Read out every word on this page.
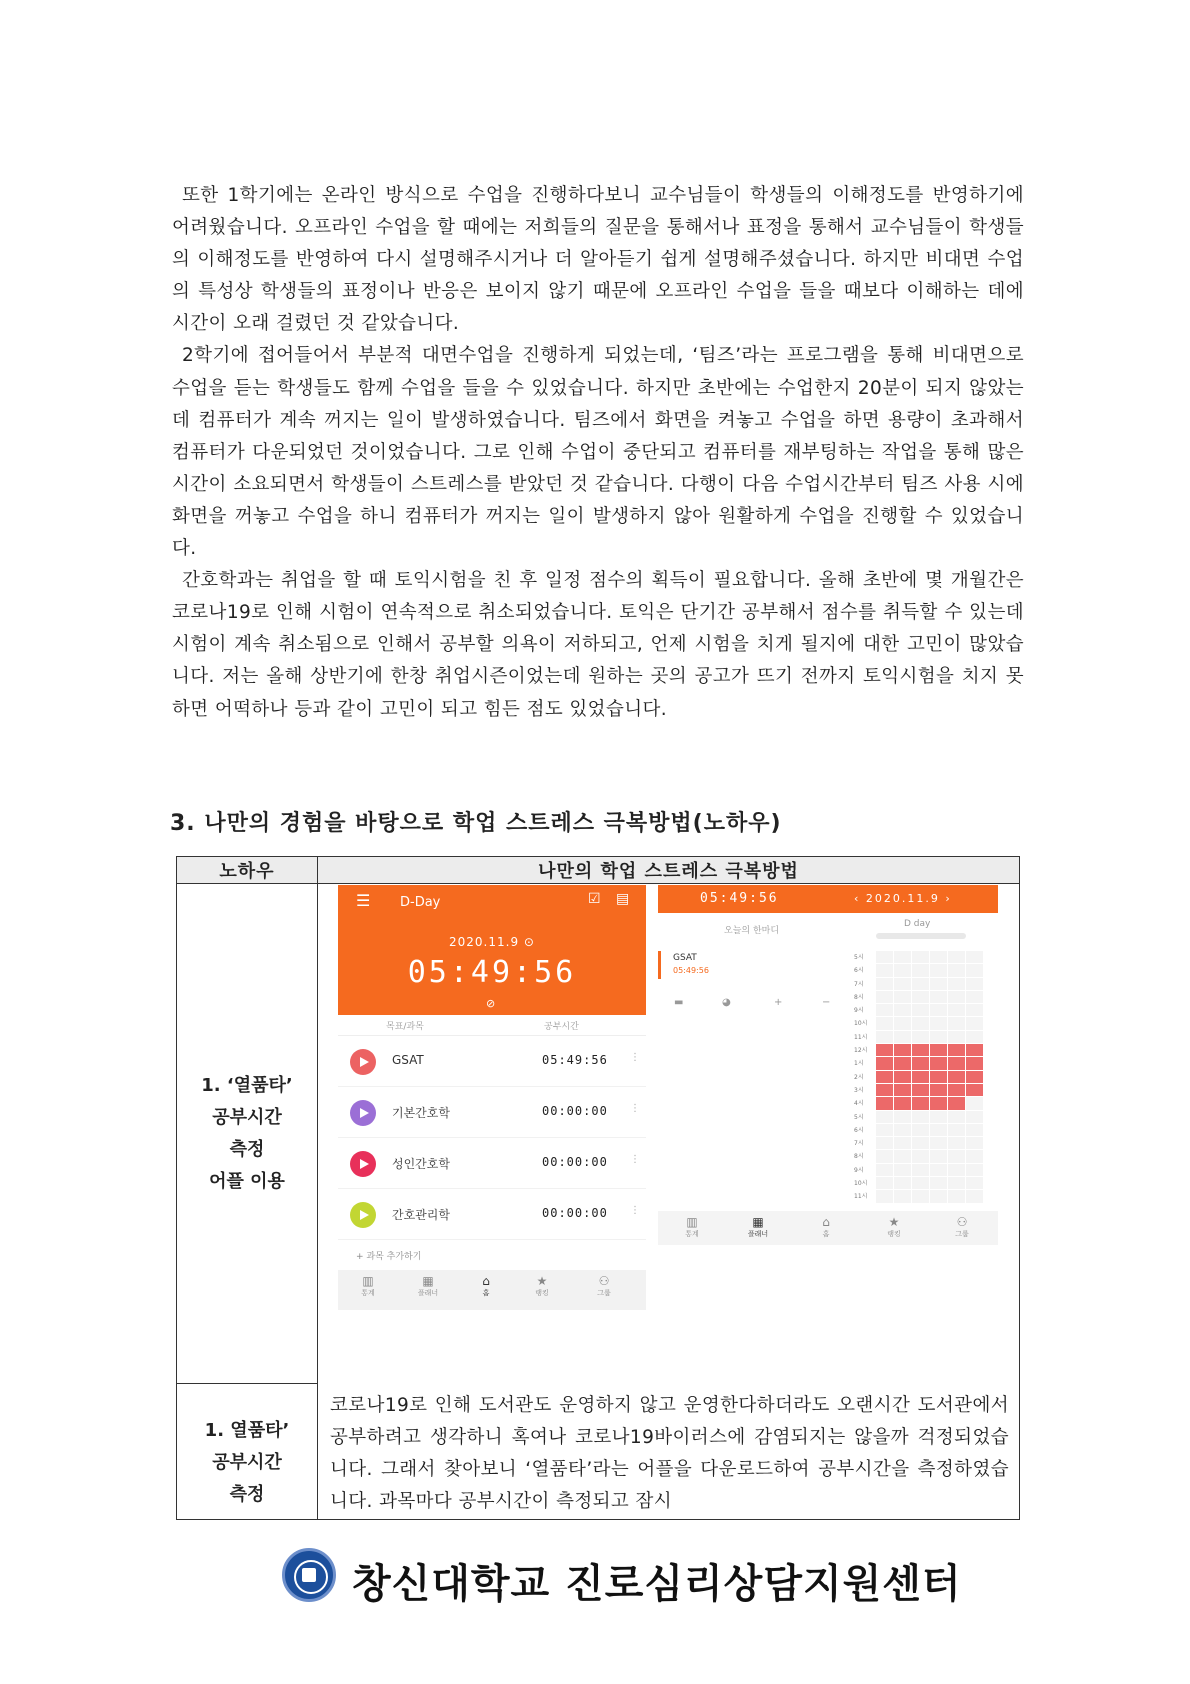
또한 1학기에는 온라인 방식으로 수업을 진행하다보니 교수님들이 학생들의 이해정도를 반영하기에 어려웠습니다. 오프라인 수업을 할 때에는 저희들의 질문을 통해서나 표정을 통해서 교수님들이 학생들의 이해정도를 반영하여 다시 설명해주시거나 더 알아듣기 쉽게 설명해주셨습니다. 하지만 비대면 수업의 특성상 학생들의 표정이나 반응은 보이지 않기 때문에 오프라인 수업을 들을 때보다 이해하는 데에 시간이 오래 걸렸던 것 같았습니다.

2학기에 접어들어서 부분적 대면수업을 진행하게 되었는데, ‘팀즈’라는 프로그램을 통해 비대면으로 수업을 듣는 학생들도 함께 수업을 들을 수 있었습니다. 하지만 초반에는 수업한지 20분이 되지 않았는데 컴퓨터가 계속 꺼지는 일이 발생하였습니다. 팀즈에서 화면을 켜놓고 수업을 하면 용량이 초과해서 컴퓨터가 다운되었던 것이었습니다. 그로 인해 수업이 중단되고 컴퓨터를 재부팅하는 작업을 통해 많은 시간이 소요되면서 학생들이 스트레스를 받았던 것 같습니다. 다행이 다음 수업시간부터 팀즈 사용 시에 화면을 꺼놓고 수업을 하니 컴퓨터가 꺼지는 일이 발생하지 않아 원활하게 수업을 진행할 수 있었습니다.

간호학과는 취업을 할 때 토익시험을 친 후 일정 점수의 획득이 필요합니다. 올해 초반에 몇 개월간은 코로나19로 인해 시험이 연속적으로 취소되었습니다. 토익은 단기간 공부해서 점수를 취득할 수 있는데 시험이 계속 취소됨으로 인해서 공부할 의욕이 저하되고, 언제 시험을 치게 될지에 대한 고민이 많았습니다. 저는 올해 상반기에 한창 취업시즌이었는데 원하는 곳의 공고가 뜨기 전까지 토익시험을 치지 못하면 어떡하나 등과 같이 고민이 되고 힘든 점도 있었습니다.

3. 나만의 경험을 바탕으로 학업 스트레스 극복방법(노하우)
노하우	나만의 학업 스트레스 극복방법

1. ‘열품타’
공부시간
측정
어플 이용	

1. 열품타’
공부시간
측정	코로나19로 인해 도서관도 운영하지 않고 운영한다하더라도 오랜시간 도서관에서 공부하려고 생각하니 혹여나 코로나19바이러스에 감염되지는 않을까 걱정되었습니다. 그래서 찾아보니 ‘열품타’라는 어플을 다운로드하여 공부시간을 측정하였습니다. 과목마다 공부시간이 측정되고 잠시
☰ D-Day	☑ ▤
2020.11.9 ⊙
05:49:56
⊘
목표/과목	공부시간
GSAT	05:49:56 ⋮
기본간호학	00:00:00 ⋮
성인간호학	00:00:00 ⋮
간호관리학	00:00:00 ⋮
+ 과목 추가하기
▥
통계
▦
플래너
⌂
홈
★
랭킹
⚇
그룹
05:49:56	‹ 2020.11.9 ›
오늘의 한마디
D day
GSAT
05:49:56
▬	◕	+	−
5시
6시
7시
8시
9시
10시
11시
12시
1시
2시
3시
4시
5시
6시
7시
8시
9시
10시
11시
▥
통계
▦
플래너
⌂
홈
★
랭킹
⚇
그룹
창신대학교 진로심리상담지원센터
